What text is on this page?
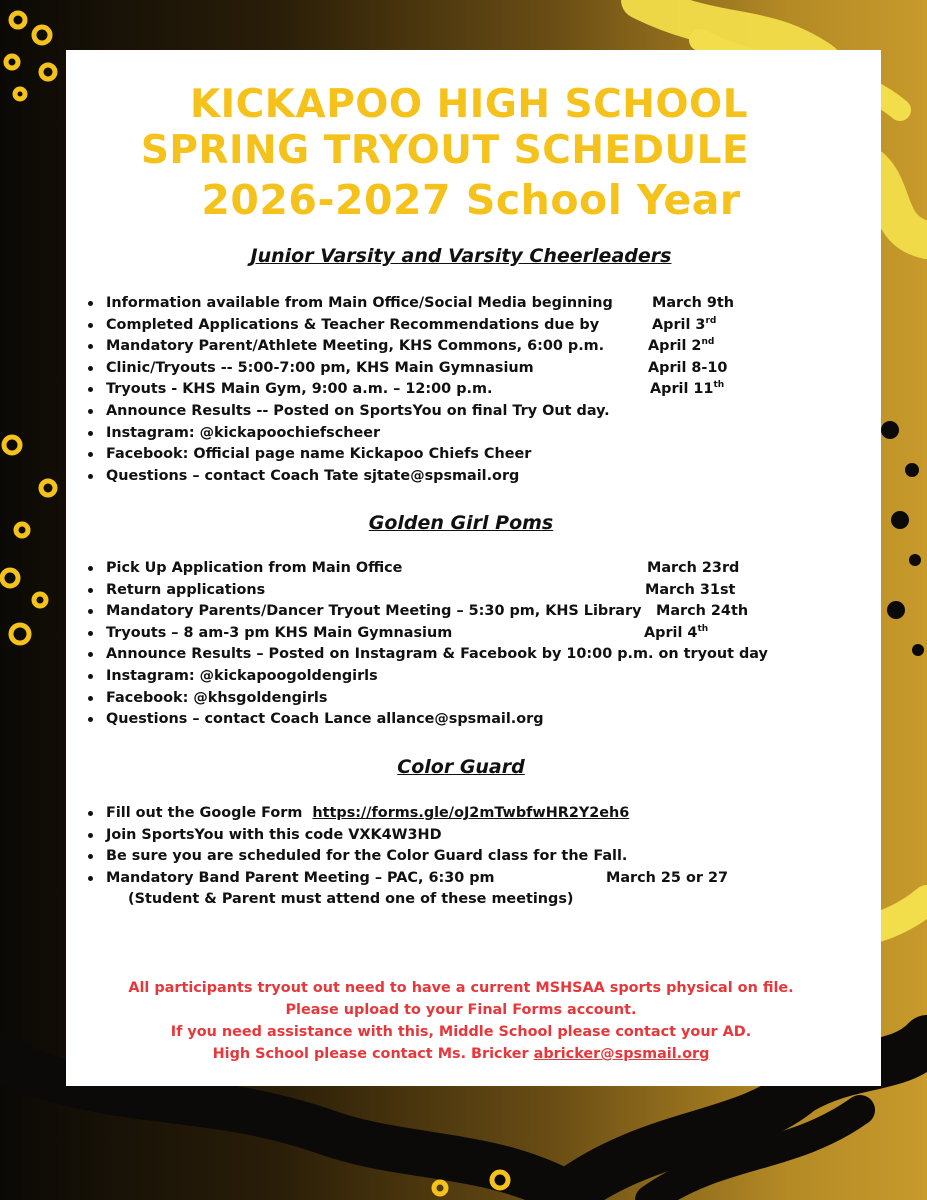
KICKAPOO HIGH SCHOOL
SPRING TRYOUT SCHEDULE
2026-2027 School Year
Junior Varsity and Varsity Cheerleaders
Information available from Main Office/Social Media beginning	March 9th
Completed Applications & Teacher Recommendations due by	April 3rd
Mandatory Parent/Athlete Meeting, KHS Commons, 6:00 p.m.	April 2nd
Clinic/Tryouts -- 5:00-7:00 pm, KHS Main Gymnasium	April 8-10
Tryouts - KHS Main Gym, 9:00 a.m. – 12:00 p.m.	April 11th
Announce Results -- Posted on SportsYou on final Try Out day.
Instagram: @kickapoochiefscheer
Facebook: Official page name Kickapoo Chiefs Cheer
Questions – contact Coach Tate sjtate@spsmail.org
Golden Girl Poms
Pick Up Application from Main Office	March 23rd
Return applications	March 31st
Mandatory Parents/Dancer Tryout Meeting – 5:30 pm, KHS Library March 24th
Tryouts – 8 am-3 pm KHS Main Gymnasium	April 4th
Announce Results – Posted on Instagram & Facebook by 10:00 p.m. on tryout day
Instagram: @kickapoogoldengirls
Facebook: @khsgoldengirls
Questions – contact Coach Lance allance@spsmail.org
Color Guard
Fill out the Google Form https://forms.gle/oJ2mTwbfwHR2Y2eh6
Join SportsYou with this code VXK4W3HD
Be sure you are scheduled for the Color Guard class for the Fall.
Mandatory Band Parent Meeting – PAC, 6:30 pm	March 25 or 27
(Student & Parent must attend one of these meetings)
All participants tryout out need to have a current MSHSAA sports physical on file.
Please upload to your Final Forms account.
If you need assistance with this, Middle School please contact your AD.
High School please contact Ms. Bricker abricker@spsmail.org
